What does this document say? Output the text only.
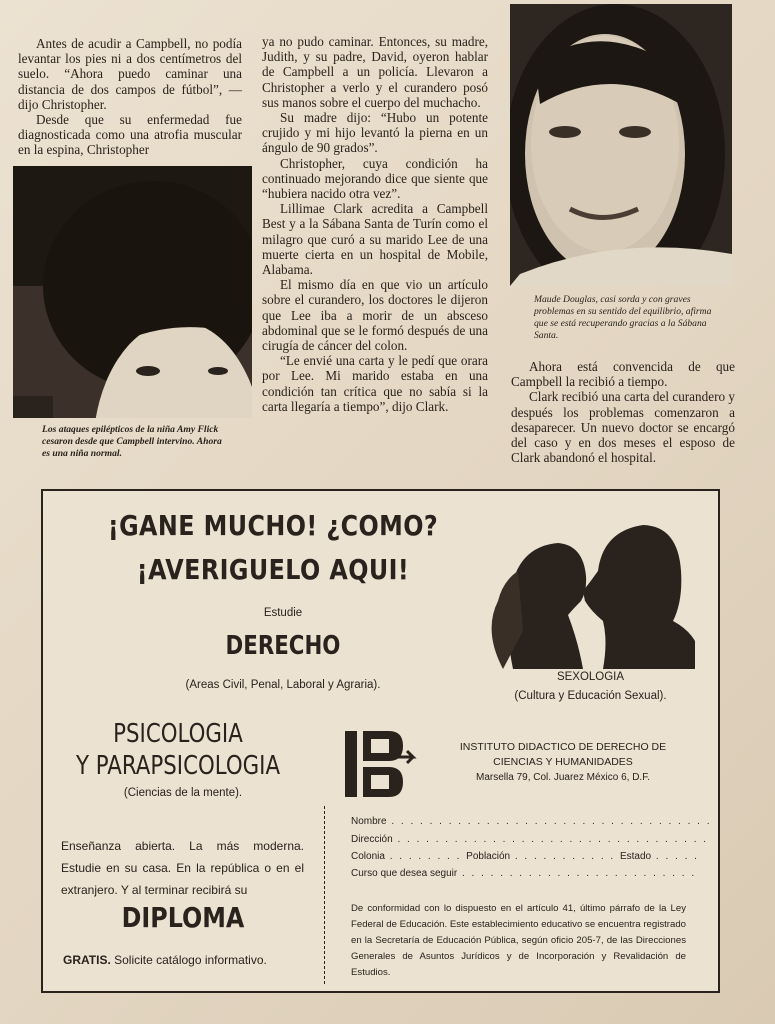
Antes de acudir a Campbell, no podía levantar los pies ni a dos centímetros del suelo. “Ahora puedo caminar una distancia de dos campos de fútbol”, —dijo Christopher.

Desde que su enfermedad fue diagnosticada como una atrofia muscular en la espina, Christopher

Los ataques epilépticos de la niña Amy Flick cesaron desde que Campbell intervino. Ahora es una niña normal.

ya no pudo caminar. Entonces, su madre, Judith, y su padre, David, oyeron hablar de Campbell a un policía. Llevaron a Christopher a verlo y el curandero posó sus manos sobre el cuerpo del muchacho.

Su madre dijo: “Hubo un potente crujido y mi hijo levantó la pierna en un ángulo de 90 grados”.

Christopher, cuya condición ha continuado mejorando dice que siente que “hubiera nacido otra vez”.

Lillimae Clark acredita a Campbell Best y a la Sábana Santa de Turín como el milagro que curó a su marido Lee de una muerte cierta en un hospital de Mobile, Alabama.

El mismo día en que vio un artículo sobre el curandero, los doctores le dijeron que Lee iba a morir de un absceso abdominal que se le formó después de una cirugía de cáncer del colon.

“Le envié una carta y le pedí que orara por Lee. Mi marido estaba en una condición tan crítica que no sabía si la carta llegaría a tiempo”, dijo Clark.

Maude Douglas, casi sorda y con graves problemas en su sentido del equilibrio, afirma que se está recuperando gracias a la Sábana Santa.

Ahora está convencida de que Campbell la recibió a tiempo.

Clark recibió una carta del curandero y después los problemas comenzaron a desaparecer. Un nuevo doctor se encargó del caso y en dos meses el esposo de Clark abandonó el hospital.

¡GANE MUCHO! ¿COMO?
¡AVERIGUELO AQUI!
Estudie
DERECHO
(Areas Civil, Penal, Laboral y Agraria).
SEXOLOGIA
(Cultura y Educación Sexual).
PSICOLOGIA
Y PARAPSICOLOGIA
(Ciencias de la mente).
INSTITUTO DIDACTICO DE DERECHO DE
CIENCIAS Y HUMANIDADES
Marsella 79, Col. Juarez México 6, D.F.
Enseñanza abierta. La más moderna. Estudie en su casa. En la república o en el extranjero. Y al terminar recibirá su
DIPLOMA
GRATIS. Solicite catálogo informativo.
Nombre . . . . . . . . . . . . . . . . . . . . . . . . . . . . . . . . . .
Dirección . . . . . . . . . . . . . . . . . . . . . . . . . . . . . . . . .
Colonia . . . . . . . . Población . . . . . . . . . . . Estado . . . . .
Curso que desea seguir . . . . . . . . . . . . . . . . . . . . . . . . .
De conformidad con lo dispuesto en el artículo 41, último párrafo de la Ley Federal de Educación. Este establecimiento educativo se encuentra registrado en la Secretaría de Educación Pública, según oficio 205-7, de las Direcciones Generales de Asuntos Jurídicos y de Incorporación y Revalidación de Estudios.
